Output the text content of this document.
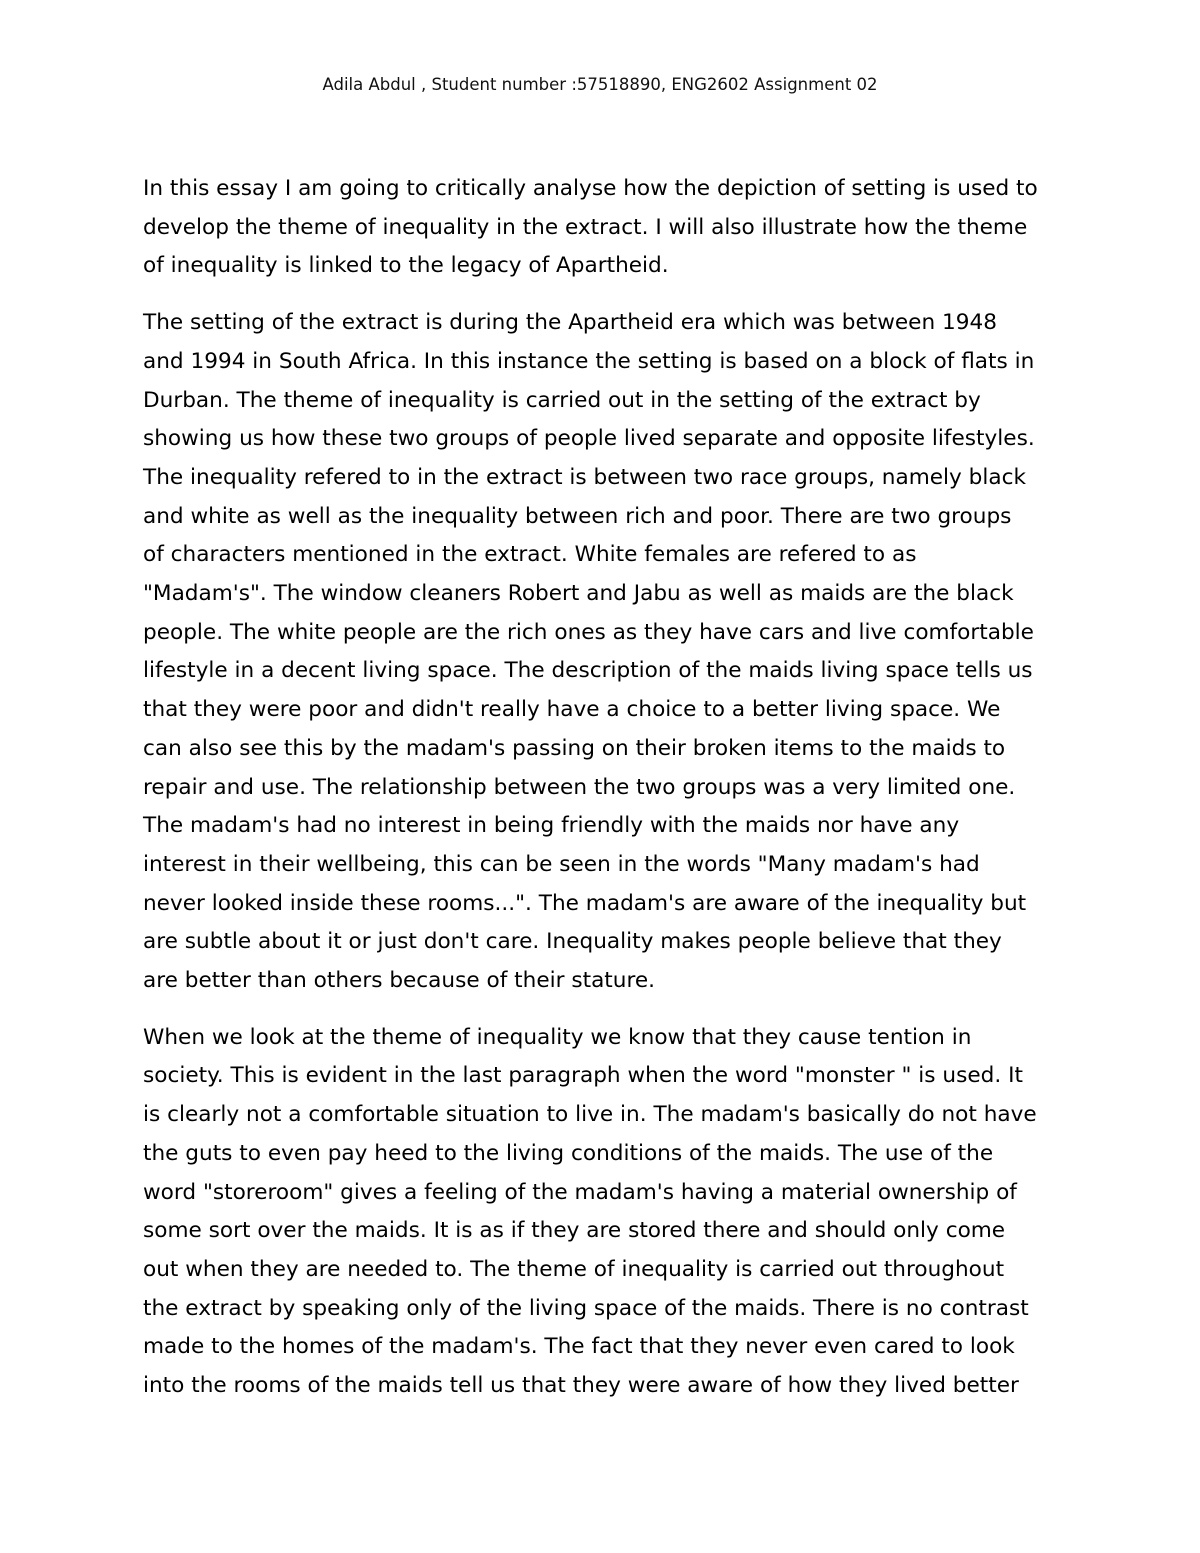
Adila Abdul , Student number :57518890, ENG2602 Assignment 02

In this essay I am going to critically analyse how the depiction of setting is used to
develop the theme of inequality in the extract. I will also illustrate how the theme
of inequality is linked to the legacy of Apartheid.

The setting of the extract is during the Apartheid era which was between 1948
and 1994 in South Africa. In this instance the setting is based on a block of flats in
Durban. The theme of inequality is carried out in the setting of the extract by
showing us how these two groups of people lived separate and opposite lifestyles.
The inequality refered to in the extract is between two race groups, namely black
and white as well as the inequality between rich and poor. There are two groups
of characters mentioned in the extract. White females are refered to as
"Madam's". The window cleaners Robert and Jabu as well as maids are the black
people. The white people are the rich ones as they have cars and live comfortable
lifestyle in a decent living space. The description of the maids living space tells us
that they were poor and didn't really have a choice to a better living space. We
can also see this by the madam's passing on their broken items to the maids to
repair and use. The relationship between the two groups was a very limited one.
The madam's had no interest in being friendly with the maids nor have any
interest in their wellbeing, this can be seen in the words "Many madam's had
never looked inside these rooms...". The madam's are aware of the inequality but
are subtle about it or just don't care. Inequality makes people believe that they
are better than others because of their stature.

When we look at the theme of inequality we know that they cause tention in
society. This is evident in the last paragraph when the word "monster " is used. It
is clearly not a comfortable situation to live in. The madam's basically do not have
the guts to even pay heed to the living conditions of the maids. The use of the
word "storeroom" gives a feeling of the madam's having a material ownership of
some sort over the maids. It is as if they are stored there and should only come
out when they are needed to. The theme of inequality is carried out throughout
the extract by speaking only of the living space of the maids. There is no contrast
made to the homes of the madam's. The fact that they never even cared to look
into the rooms of the maids tell us that they were aware of how they lived better
